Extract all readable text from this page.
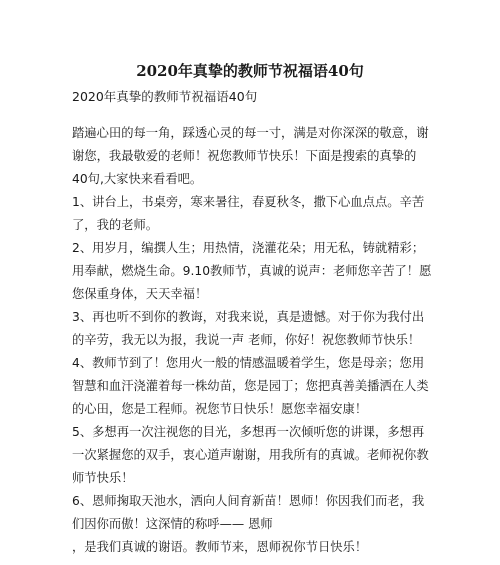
2020年真挚的教师节祝福语40句
2020年真挚的教师节祝福语40句

踏遍心田的每一角，踩透心灵的每一寸，满是对你深深的敬意，谢谢您，我最敬爱的老师！祝您教师节快乐！下面是搜索的真挚的 40句,大家快来看看吧。

1、讲台上，书桌旁，寒来暑往，春夏秋冬，撒下心血点点。辛苦了，我的老师。

2、用岁月，编撰人生；用热情，浇灌花朵；用无私，铸就精彩；用奉献，燃烧生命。9.10教师节，真诚的说声：老师您辛苦了！愿您保重身体，天天幸福！

3、再也听不到你的教诲，对我来说，真是遗憾。对于你为我付出的辛劳，我无以为报，我说一声 老师，你好！祝您教师节快乐！

4、教师节到了！您用火一般的情感温暖着学生，您是母亲；您用智慧和血汗浇灌着每一株幼苗，您是园丁；您把真善美播洒在人类的心田，您是工程师。祝您节日快乐！愿您幸福安康！

5、多想再一次注视您的目光，多想再一次倾听您的讲课，多想再一次紧握您的双手，衷心道声谢谢，用我所有的真诚。老师祝你教师节快乐！

6、恩师掬取天池水，洒向人间育新苗！恩师！你因我们而老，我们因你而傲！这深情的称呼—— 恩师

，是我们真诚的谢语。教师节来，恩师祝你节日快乐！
